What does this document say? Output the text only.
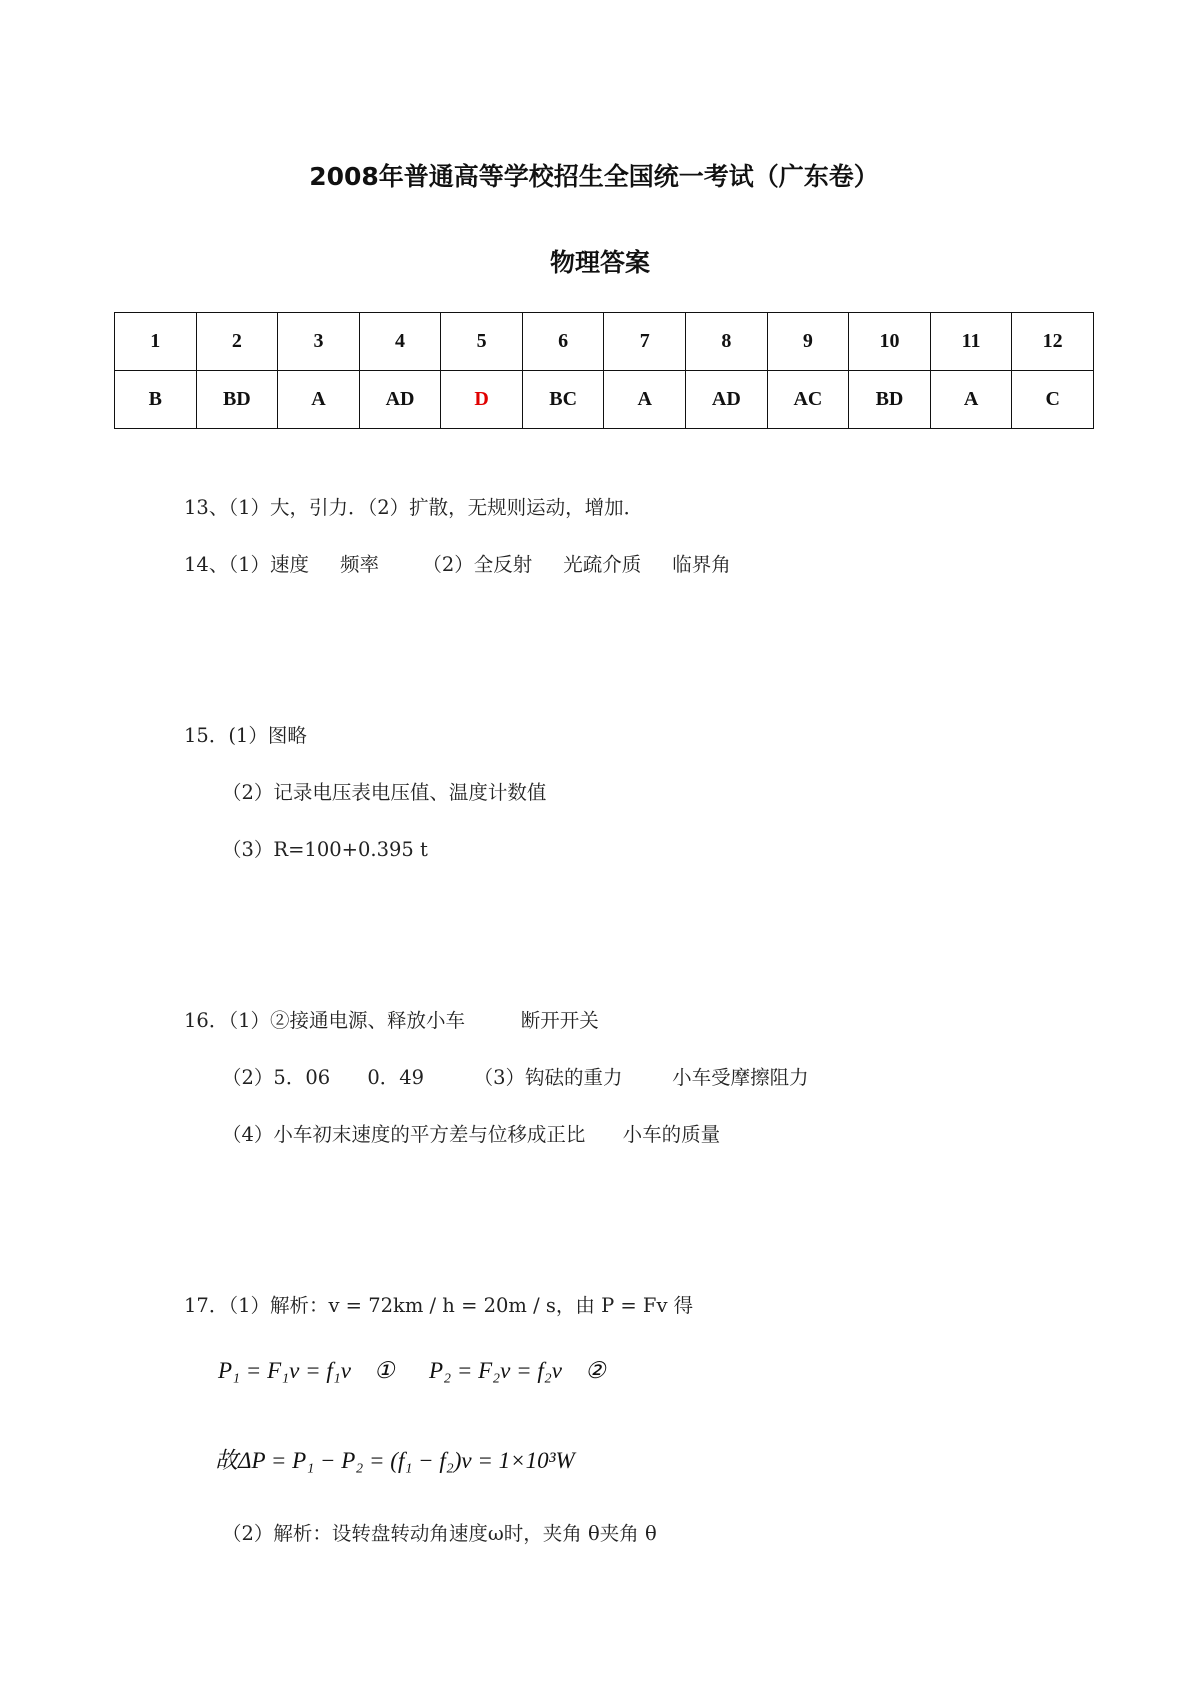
2008年普通高等学校招生全国统一考试（广东卷）
物理答案
1	2	3	4	5	6	7	8	9	10	11	12
B	BD	A	AD	D	BC	A	AD	AC	BD	A	C
13、（1）大，引力．（2）扩散，无规则运动，增加．
14、（1）速度     频率       （2）全反射     光疏介质     临界角
15．(1）图略
（2）记录电压表电压值、温度计数值
（3）R=100+0.395 t
16．（1）②接通电源、释放小车         断开开关
（2）5．06      0．49        （3）钩砝的重力        小车受摩擦阻力
（4）小车初末速度的平方差与位移成正比      小车的质量
17．（1）解析：v = 72km / h = 20m / s，由 P = Fv 得
P₁ = F₁v = f₁v    ①      P₂ = F₂v = f₂v    ②
故ΔP = P₁ − P₂ = (f₁ − f₂)v = 1×10³W
（2）解析：设转盘转动角速度ω时，夹角 θ夹角 θ
